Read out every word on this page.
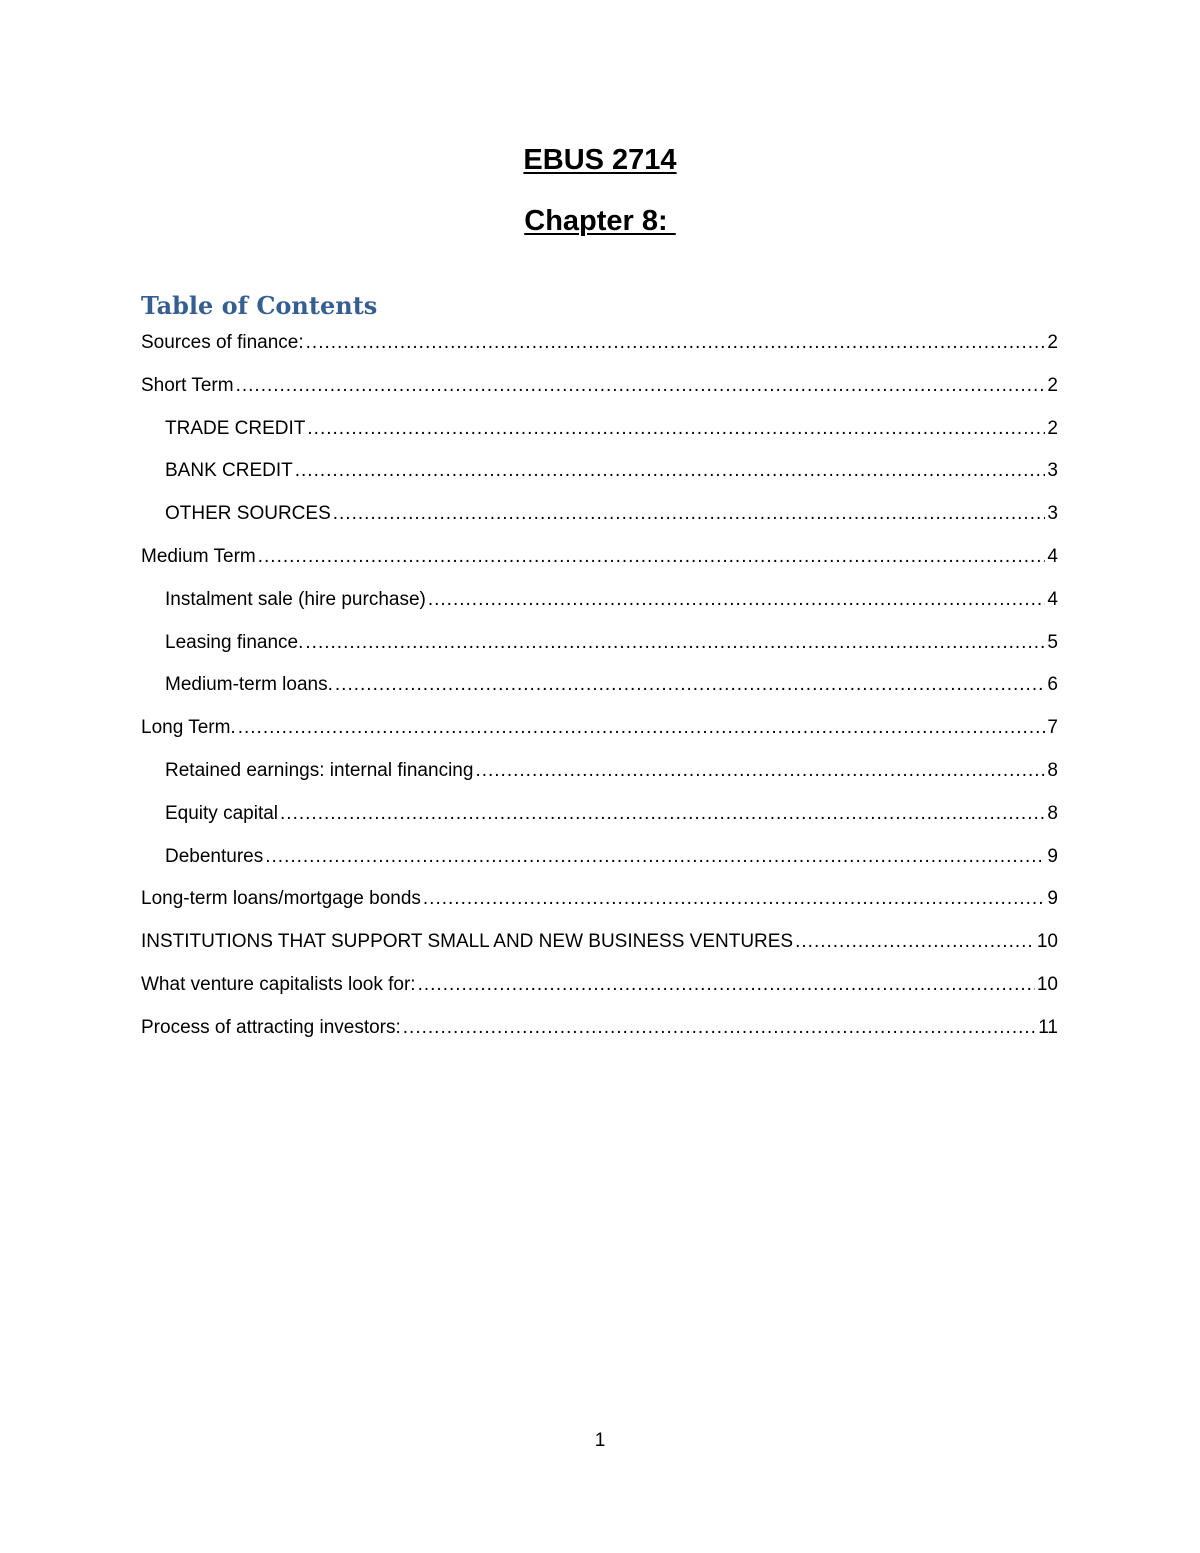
EBUS 2714
Chapter 8:
Table of Contents
Sources of finance: .....	2
Short Term .....	2
TRADE CREDIT .....	2
BANK CREDIT .....	3
OTHER SOURCES .....	3
Medium Term .....	4
Instalment sale (hire purchase) .....	4
Leasing finance. .....	5
Medium-term loans. .....	6
Long Term. .....	7
Retained earnings: internal financing .....	8
Equity capital .....	8
Debentures .....	9
Long-term loans/mortgage bonds .....	9
INSTITUTIONS THAT SUPPORT SMALL AND NEW BUSINESS VENTURES .....	10
What venture capitalists look for: .....	10
Process of attracting investors: .....	11
1
